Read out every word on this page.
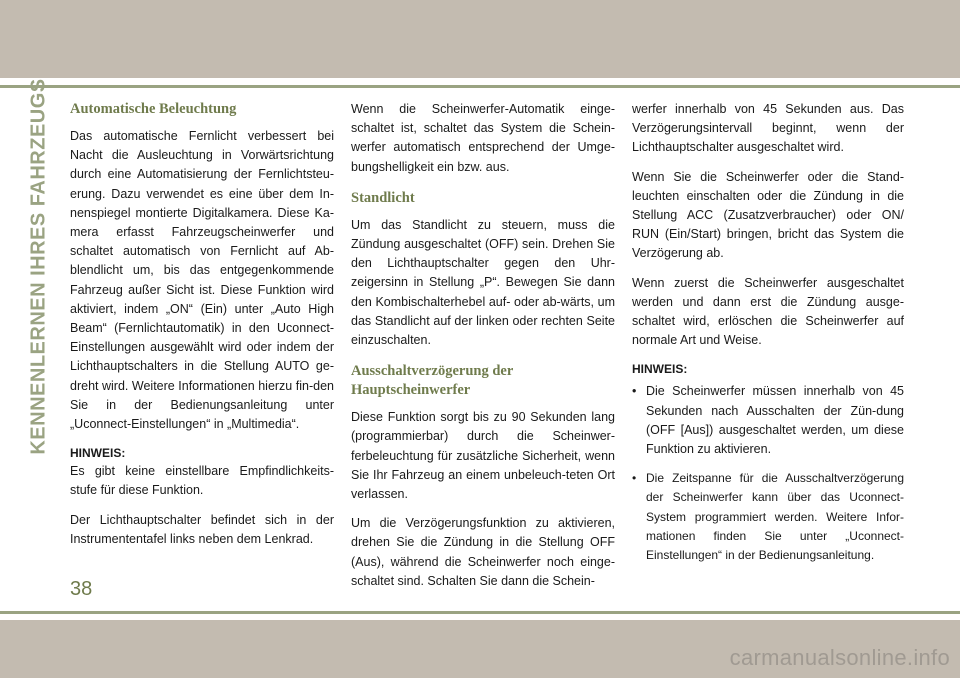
KENNENLERNEN IHRES FAHRZEUGS Automatische Beleuchtung

Das automatische Fernlicht verbessert bei Nacht die Ausleuchtung in Vorwärtsrichtung durch eine Automatisierung der Fernlichtsteu-erung. Dazu verwendet es eine über dem In-nenspiegel montierte Digitalkamera. Diese Ka-mera erfasst Fahrzeugscheinwerfer und schaltet automatisch von Fernlicht auf Ab-blendlicht um, bis das entgegenkommende Fahrzeug außer Sicht ist. Diese Funktion wird aktiviert, indem „ON“ (Ein) unter „Auto High Beam“ (Fernlichtautomatik) in den Uconnect-Einstellungen ausgewählt wird oder indem der Lichthauptschalters in die Stellung AUTO ge-dreht wird. Weitere Informationen hierzu fin-den Sie in der Bedienungsanleitung unter „Uconnect-Einstellungen“ in „Multimedia“.

HINWEIS:

Es gibt keine einstellbare Empfindlichkeits-stufe für diese Funktion.

Der Lichthauptschalter befindet sich in der Instrumententafel links neben dem Lenkrad.

Wenn die Scheinwerfer-Automatik einge-schaltet ist, schaltet das System die Schein-werfer automatisch entsprechend der Umge-bungshelligkeit ein bzw. aus.

Standlicht

Um das Standlicht zu steuern, muss die Zündung ausgeschaltet (OFF) sein. Drehen Sie den Lichthauptschalter gegen den Uhr-zeigersinn in Stellung „P“. Bewegen Sie dann den Kombischalterhebel auf- oder ab-wärts, um das Standlicht auf der linken oder rechten Seite einzuschalten.

Ausschaltverzögerung der
Hauptscheinwerfer

Diese Funktion sorgt bis zu 90 Sekunden lang (programmierbar) durch die Scheinwer-ferbeleuchtung für zusätzliche Sicherheit, wenn Sie Ihr Fahrzeug an einem unbeleuch-teten Ort verlassen.

Um die Verzögerungsfunktion zu aktivieren, drehen Sie die Zündung in die Stellung OFF (Aus), während die Scheinwerfer noch einge-schaltet sind. Schalten Sie dann die Schein-

werfer innerhalb von 45 Sekunden aus. Das Verzögerungsintervall beginnt, wenn der Lichthauptschalter ausgeschaltet wird.

Wenn Sie die Scheinwerfer oder die Stand-leuchten einschalten oder die Zündung in die Stellung ACC (Zusatzverbraucher) oder ON/ RUN (Ein/Start) bringen, bricht das System die Verzögerung ab.

Wenn zuerst die Scheinwerfer ausgeschaltet werden und dann erst die Zündung ausge-schaltet wird, erlöschen die Scheinwerfer auf normale Art und Weise.

HINWEIS:
• Die Scheinwerfer müssen innerhalb von 45 Sekunden nach Ausschalten der Zün-dung (OFF [Aus]) ausgeschaltet werden, um diese Funktion zu aktivieren.
• Die Zeitspanne für die Ausschaltverzögerung der Scheinwerfer kann über das Uconnect-System programmiert werden. Weitere Infor-mationen finden Sie unter „Uconnect-Einstellungen“ in der Bedienungsanleitung.
38
carmanualsonline.info
